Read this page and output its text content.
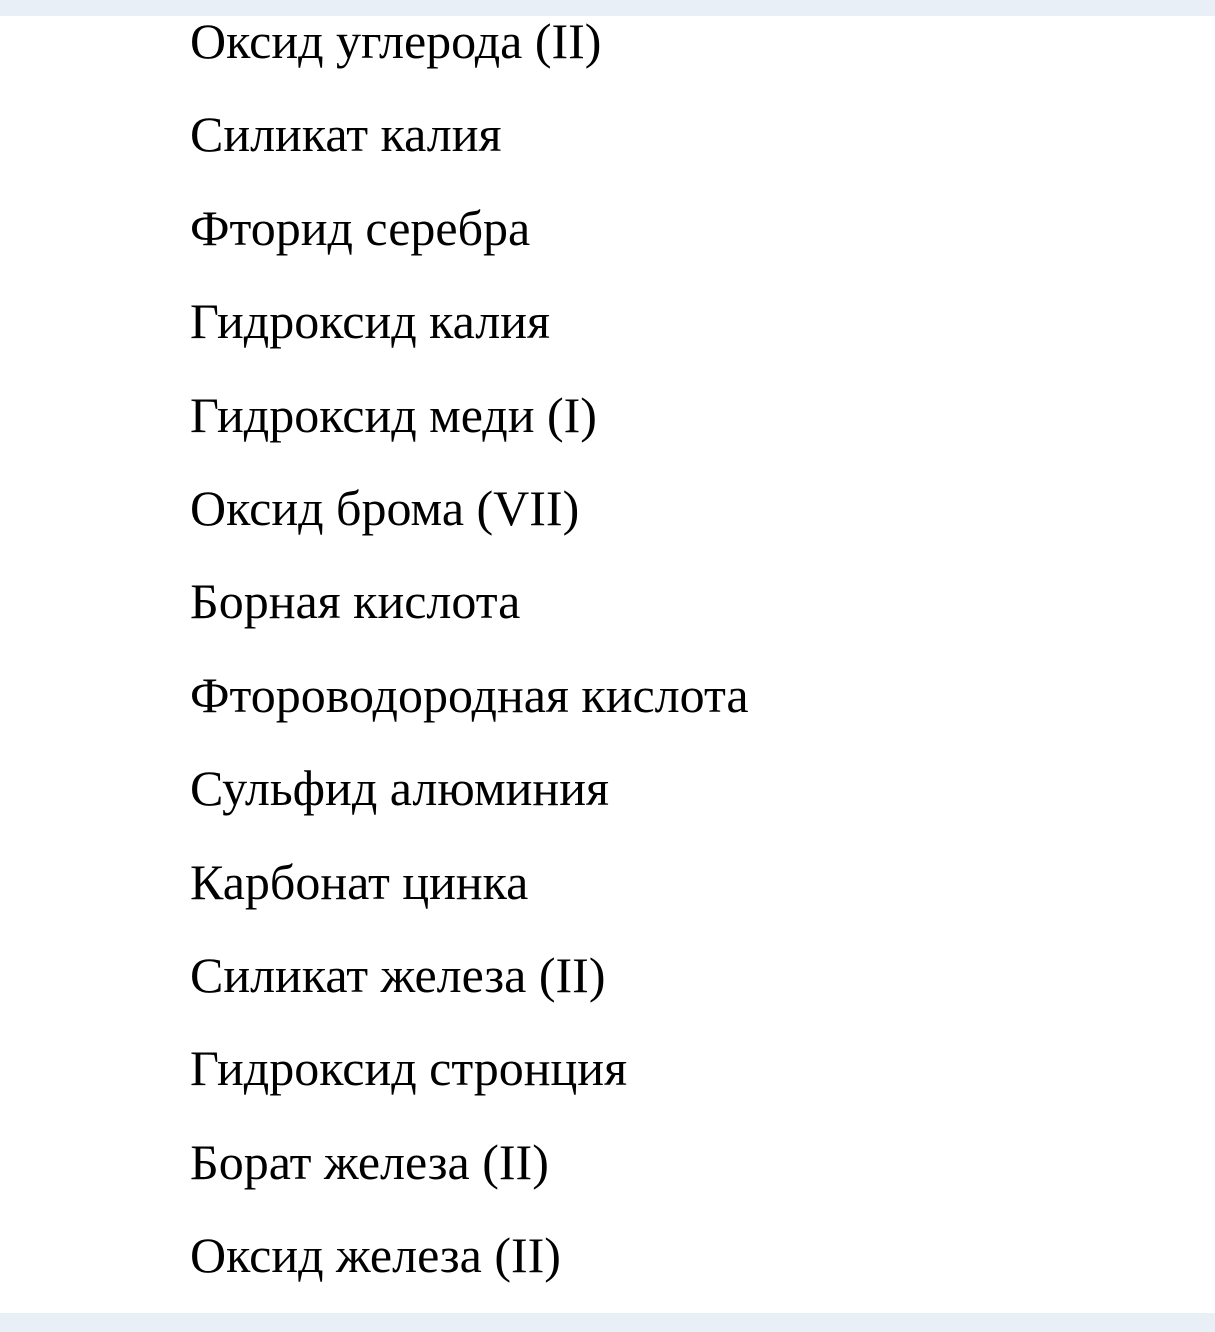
Оксид углерода (II)
Силикат калия
Фторид серебра
Гидроксид калия
Гидроксид меди (I)
Оксид брома (VII)
Борная кислота
Фтороводородная кислота
Сульфид алюминия
Карбонат цинка
Силикат железа (II)
Гидроксид стронция
Борат железа (II)
Оксид железа (II)
